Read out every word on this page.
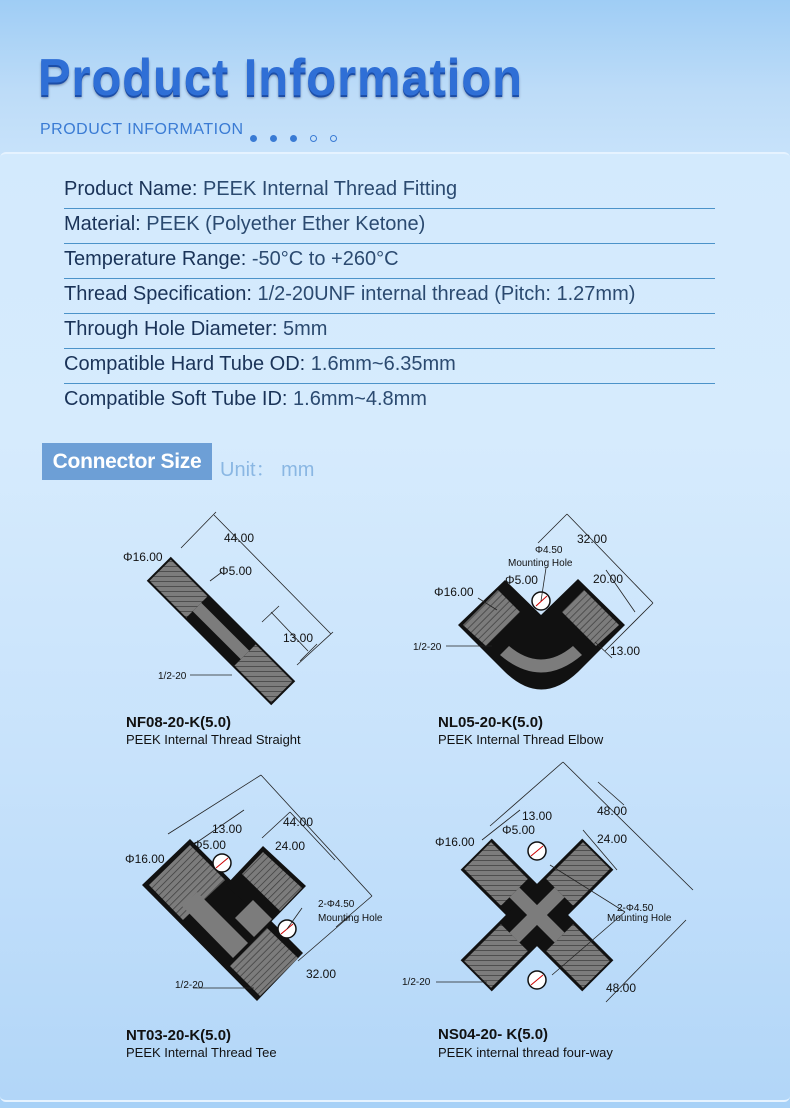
Product Information
PRODUCT INFORMATION
Product Name: PEEK Internal Thread Fitting
Material: PEEK (Polyether Ether Ketone)
Temperature Range: -50°C to +260°C
Thread Specification: 1/2-20UNF internal thread (Pitch: 1.27mm)
Through Hole Diameter: 5mm
Compatible Hard Tube OD: 1.6mm~6.35mm
Compatible Soft Tube ID: 1.6mm~4.8mm
Connector Size Unit： mm
44.00
Φ16.00
Φ5.00
13.00
1/2-20
32.00
Φ4.50
Mounting Hole
Φ5.00
Φ16.00
20.00
13.00
1/2-20
44.00
13.00
Φ5.00	24.00
Φ16.00
2-Φ4.50
Mounting Hole
32.00
1/2-20
48.00
13.00
Φ5.00
Φ16.00	24.00
2-Φ4.50
Mounting Hole
48.00
1/2-20
NF08-20-K(5.0)
PEEK Internal Thread Straight
NL05-20-K(5.0)
PEEK Internal Thread Elbow
NT03-20-K(5.0)
PEEK Internal Thread Tee
NS04-20- K(5.0)
PEEK internal thread four-way
